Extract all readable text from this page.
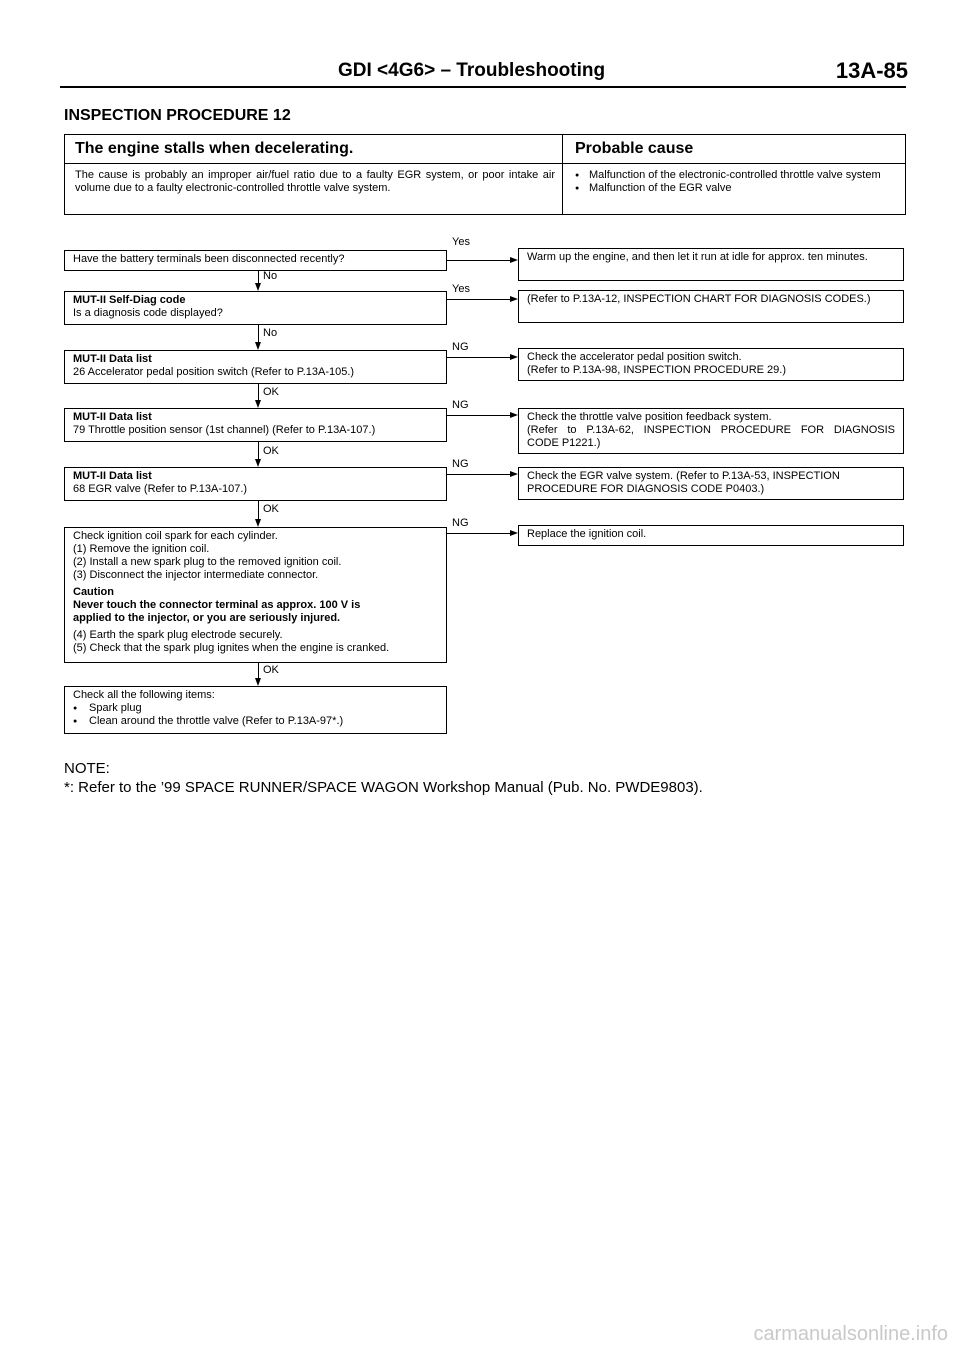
GDI <4G6> – Troubleshooting	13A-85
INSPECTION PROCEDURE 12
The engine stalls when decelerating.	Probable cause
The cause is probably an improper air/fuel ratio due to a faulty EGR system, or poor intake air volume due to a faulty electronic-controlled throttle valve system.
● Malfunction of the electronic-controlled throttle valve system
● Malfunction of the EGR valve
Have the battery terminals been disconnected recently?
MUT-II Self-Diag code
Is a diagnosis code displayed?
MUT-II Data list
26 Accelerator pedal position switch (Refer to P.13A-105.)
MUT-II Data list
79 Throttle position sensor (1st channel) (Refer to P.13A-107.)
MUT-II Data list
68 EGR valve (Refer to P.13A-107.)
Check ignition coil spark for each cylinder.
(1) Remove the ignition coil.
(2) Install a new spark plug to the removed ignition coil.
(3) Disconnect the injector intermediate connector.
Caution
Never touch the connector terminal as approx. 100 V is
applied to the injector, or you are seriously injured.
(4) Earth the spark plug electrode securely.
(5) Check that the spark plug ignites when the engine is cranked.
Check all the following items:
● Spark plug
● Clean around the throttle valve (Refer to P.13A-97*.)
Warm up the engine, and then let it run at idle for approx. ten minutes.
(Refer to P.13A-12, INSPECTION CHART FOR DIAGNOSIS CODES.)
Check the accelerator pedal position switch.
(Refer to P.13A-98, INSPECTION PROCEDURE 29.)
Check the throttle valve position feedback system.
(Refer to P.13A-62, INSPECTION PROCEDURE FOR DIAGNOSIS
CODE P1221.)
Check the EGR valve system. (Refer to P.13A-53, INSPECTION
PROCEDURE FOR DIAGNOSIS CODE P0403.)
Replace the ignition coil.
Yes
Yes
NG
NG
NG
NG
No
No
OK
OK
OK
OK
NOTE:
*: Refer to the ’99 SPACE RUNNER/SPACE WAGON Workshop Manual (Pub. No. PWDE9803).
carmanualsonline.info
